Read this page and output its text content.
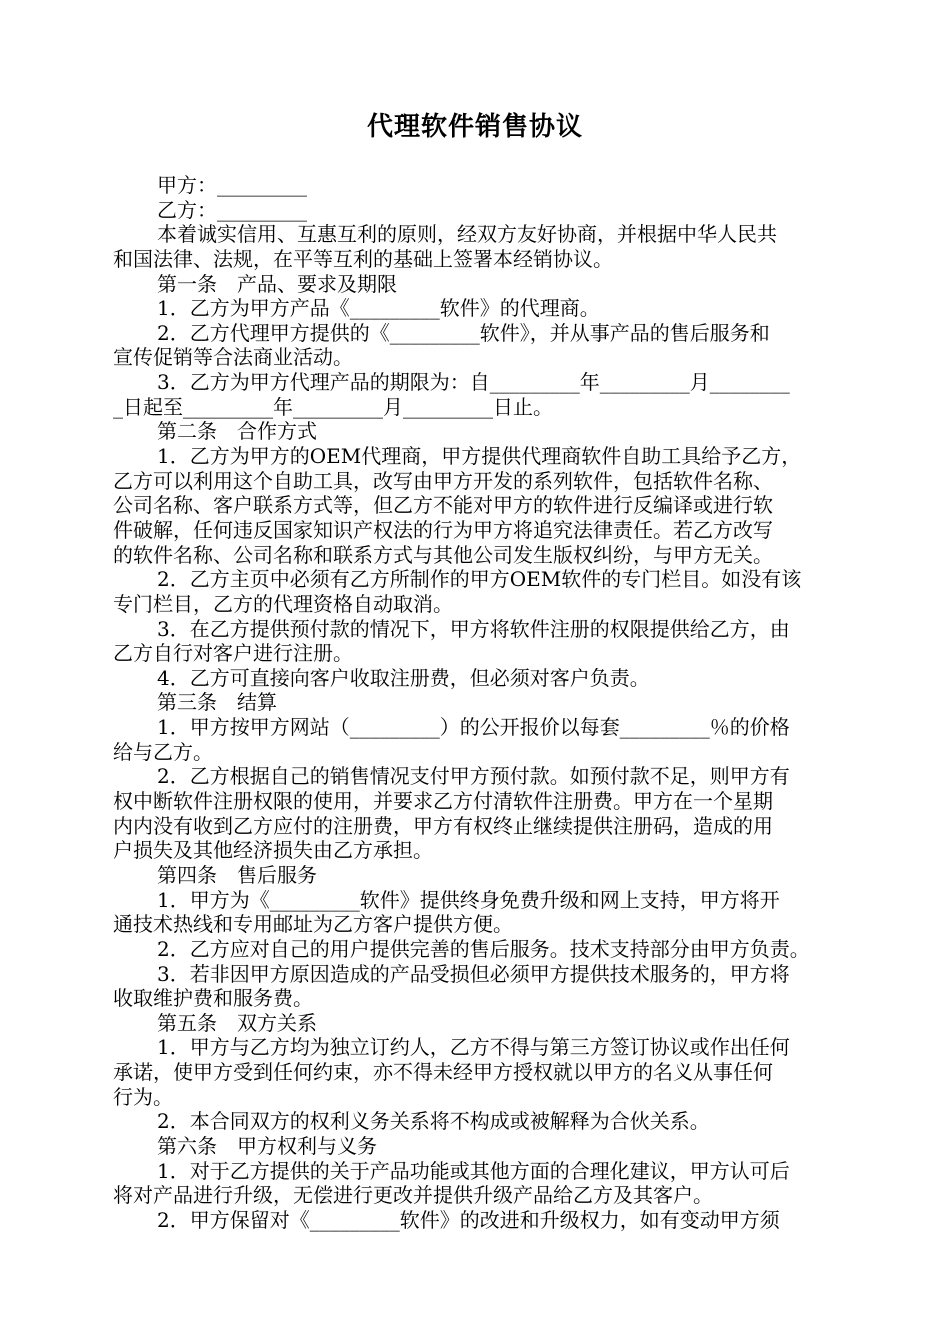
代理软件销售协议
甲方：_________
乙方：_________
本着诚实信用、互惠互利的原则，经双方友好协商，并根据中华人民共
和国法律、法规，在平等互利的基础上签署本经销协议。
第一条　产品、要求及期限
1．乙方为甲方产品《_________软件》的代理商。
2．乙方代理甲方提供的《_________软件》，并从事产品的售后服务和
宣传促销等合法商业活动。
3．乙方为甲方代理产品的期限为：自_________年_________月________
_日起至_________年_________月_________日止。
第二条　合作方式
1．乙方为甲方的OEM代理商，甲方提供代理商软件自助工具给予乙方，
乙方可以利用这个自助工具，改写由甲方开发的系列软件，包括软件名称、
公司名称、客户联系方式等，但乙方不能对甲方的软件进行反编译或进行软
件破解，任何违反国家知识产权法的行为甲方将追究法律责任。若乙方改写
的软件名称、公司名称和联系方式与其他公司发生版权纠纷，与甲方无关。
2．乙方主页中必须有乙方所制作的甲方OEM软件的专门栏目。如没有该
专门栏目，乙方的代理资格自动取消。
3．在乙方提供预付款的情况下，甲方将软件注册的权限提供给乙方，由
乙方自行对客户进行注册。
4．乙方可直接向客户收取注册费，但必须对客户负责。
第三条　结算
1．甲方按甲方网站（_________）的公开报价以每套_________％的价格
给与乙方。
2．乙方根据自己的销售情况支付甲方预付款。如预付款不足，则甲方有
权中断软件注册权限的使用，并要求乙方付清软件注册费。甲方在一个星期
内内没有收到乙方应付的注册费，甲方有权终止继续提供注册码，造成的用
户损失及其他经济损失由乙方承担。
第四条　售后服务
1．甲方为《_________软件》提供终身免费升级和网上支持，甲方将开
通技术热线和专用邮址为乙方客户提供方便。
2．乙方应对自己的用户提供完善的售后服务。技术支持部分由甲方负责。
3．若非因甲方原因造成的产品受损但必须甲方提供技术服务的，甲方将
收取维护费和服务费。
第五条　双方关系
1．甲方与乙方均为独立订约人，乙方不得与第三方签订协议或作出任何
承诺，使甲方受到任何约束，亦不得未经甲方授权就以甲方的名义从事任何
行为。
2．本合同双方的权利义务关系将不构成或被解释为合伙关系。
第六条　甲方权利与义务
1．对于乙方提供的关于产品功能或其他方面的合理化建议，甲方认可后
将对产品进行升级，无偿进行更改并提供升级产品给乙方及其客户。
2．甲方保留对《_________软件》的改进和升级权力，如有变动甲方须
